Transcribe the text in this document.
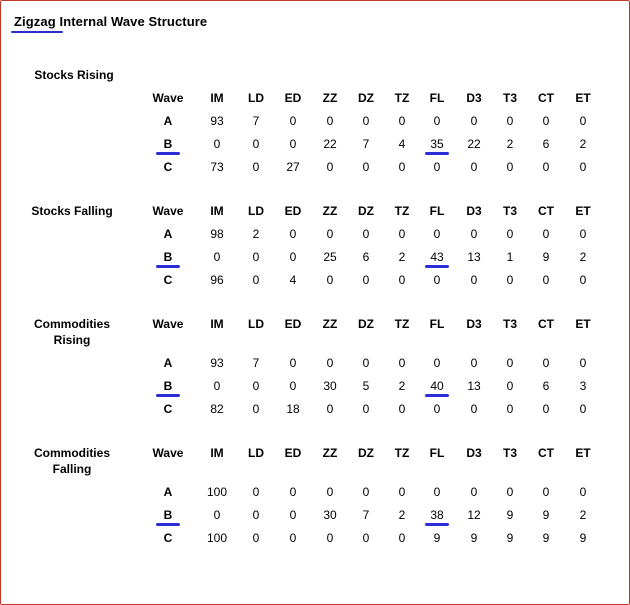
Zigzag Internal Wave Structure
Stocks Rising
Wave	IM	LD	ED	ZZ	DZ	TZ	FL	D3	T3	CT	ET
A	93	7	0	0	0	0	0	0	0	0	0
B	0	0	0	22	7	4	35	22	2	6	2
C	73	0	27	0	0	0	0	0	0	0	0
Stocks Falling	Wave	IM	LD	ED	ZZ	DZ	TZ	FL	D3	T3	CT	ET
A	98	2	0	0	0	0	0	0	0	0	0
B	0	0	0	25	6	2	43	13	1	9	2
C	96	0	4	0	0	0	0	0	0	0	0
Commodities Rising
Wave	IM	LD	ED	ZZ	DZ	TZ	FL	D3	T3	CT	ET
A	93	7	0	0	0	0	0	0	0	0	0
B	0	0	0	30	5	2	40	13	0	6	3
C	82	0	18	0	0	0	0	0	0	0	0
Commodities Falling
Wave	IM	LD	ED	ZZ	DZ	TZ	FL	D3	T3	CT	ET
A	100	0	0	0	0	0	0	0	0	0	0
B	0	0	0	30	7	2	38	12	9	9	2
C	100	0	0	0	0	0	9	9	9	9	9
